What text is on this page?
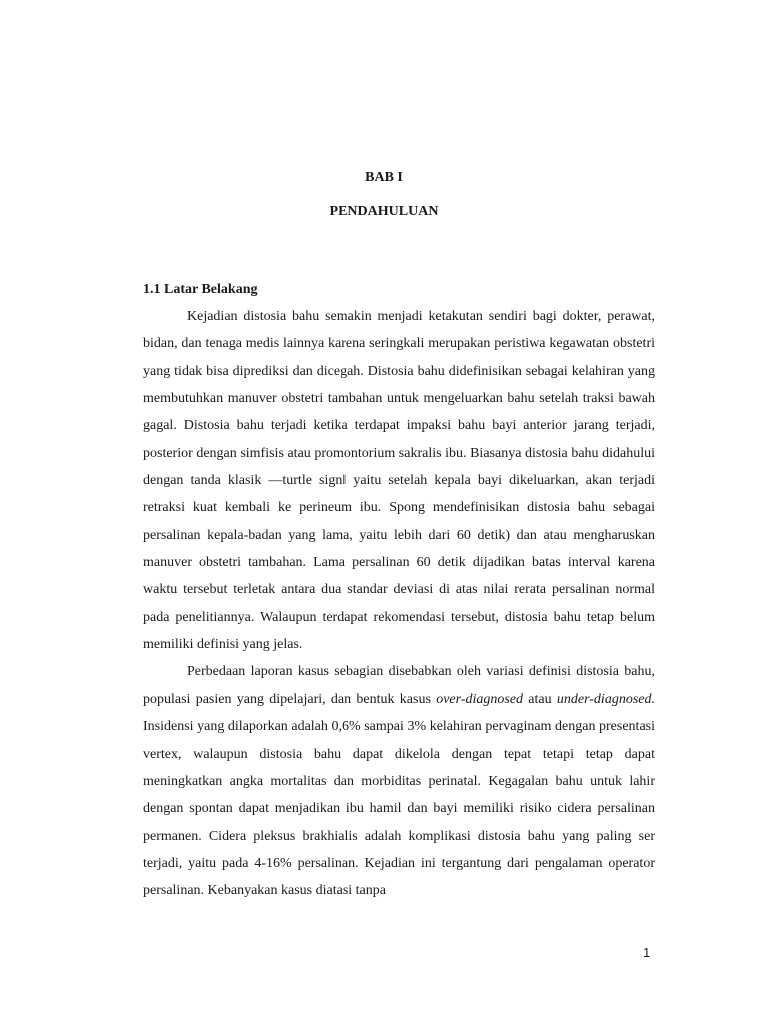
BAB I
PENDAHULUAN
1.1 Latar Belakang

Kejadian distosia bahu semakin menjadi ketakutan sendiri bagi dokter, perawat, bidan, dan tenaga medis lainnya karena seringkali merupakan peristiwa kegawatan obstetri yang tidak bisa diprediksi dan dicegah. Distosia bahu didefinisikan sebagai kelahiran yang membutuhkan manuver obstetri tambahan untuk mengeluarkan bahu setelah traksi bawah gagal. Distosia bahu terjadi ketika terdapat impaksi bahu bayi anterior jarang terjadi, posterior dengan simfisis atau promontorium sakralis ibu. Biasanya distosia bahu didahului dengan tanda klasik ―turtle sign‖ yaitu setelah kepala bayi dikeluarkan, akan terjadi retraksi kuat kembali ke perineum ibu. Spong mendefinisikan distosia bahu sebagai persalinan kepala-badan yang lama, yaitu lebih dari 60 detik) dan atau mengharuskan manuver obstetri tambahan. Lama persalinan 60 detik dijadikan batas interval karena waktu tersebut terletak antara dua standar deviasi di atas nilai rerata persalinan normal pada penelitiannya. Walaupun terdapat rekomendasi tersebut, distosia bahu tetap belum memiliki definisi yang jelas.

Perbedaan laporan kasus sebagian disebabkan oleh variasi definisi distosia bahu, populasi pasien yang dipelajari, dan bentuk kasus over-diagnosed atau under-diagnosed. Insidensi yang dilaporkan adalah 0,6% sampai 3% kelahiran pervaginam dengan presentasi vertex, walaupun distosia bahu dapat dikelola dengan tepat tetapi tetap dapat meningkatkan angka mortalitas dan morbiditas perinatal. Kegagalan bahu untuk lahir dengan spontan dapat menjadikan ibu hamil dan bayi memiliki risiko cidera persalinan permanen. Cidera pleksus brakhialis adalah komplikasi distosia bahu yang paling ser terjadi, yaitu pada 4-16% persalinan. Kejadian ini tergantung dari pengalaman operator persalinan. Kebanyakan kasus diatasi tanpa

1
